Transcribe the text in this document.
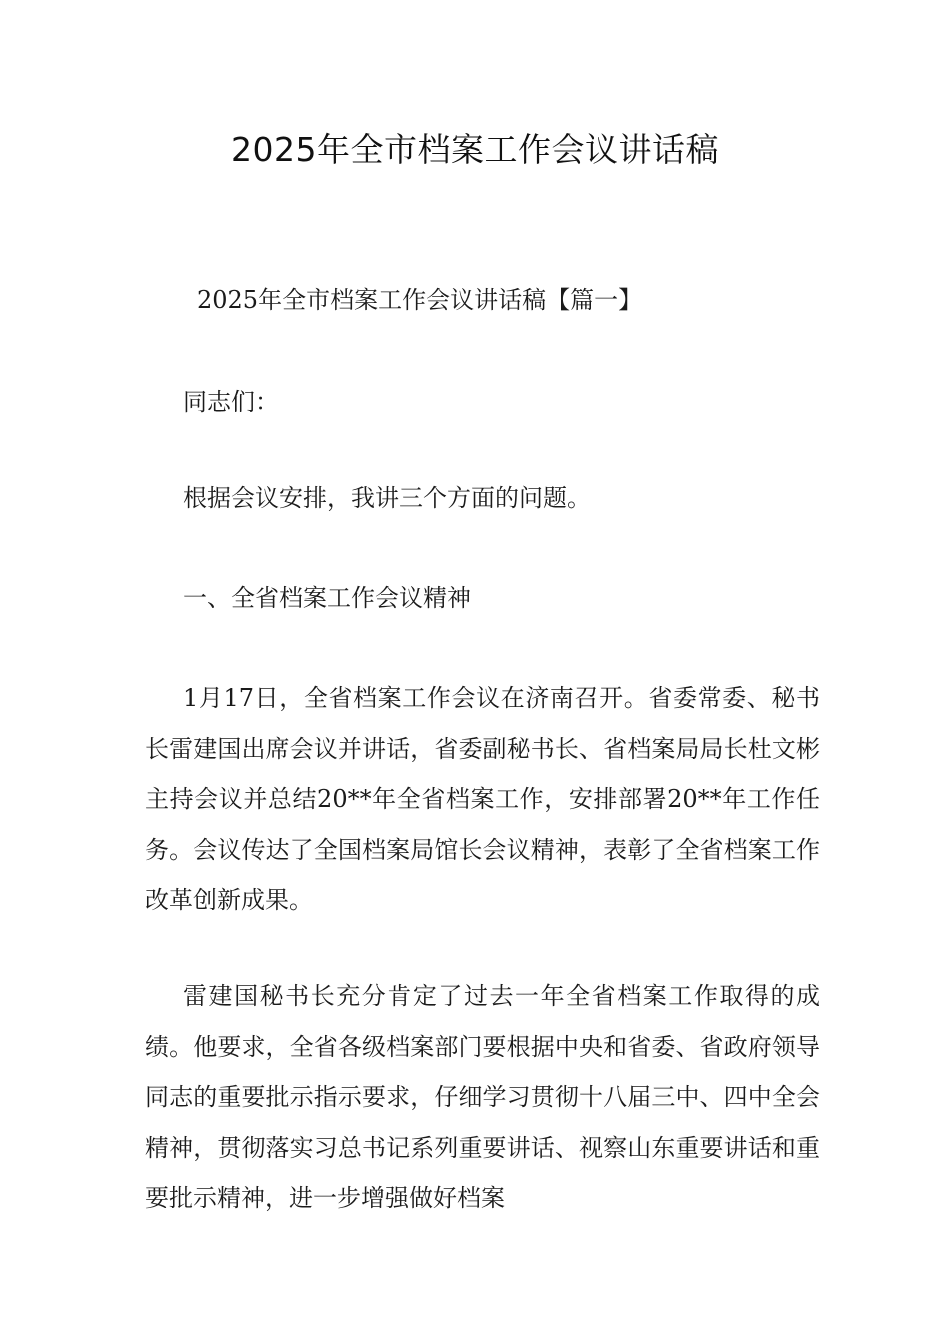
2025年全市档案工作会议讲话稿

2025年全市档案工作会议讲话稿【篇一】

同志们：

根据会议安排，我讲三个方面的问题。

一、全省档案工作会议精神

1月17日，全省档案工作会议在济南召开。省委常委、秘书长雷建国出席会议并讲话，省委副秘书长、省档案局局长杜文彬主持会议并总结20**年全省档案工作，安排部署20**年工作任务。会议传达了全国档案局馆长会议精神，表彰了全省档案工作改革创新成果。

雷建国秘书长充分肯定了过去一年全省档案工作取得的成绩。他要求，全省各级档案部门要根据中央和省委、省政府领导同志的重要批示指示要求，仔细学习贯彻十八届三中、四中全会精神，贯彻落实习总书记系列重要讲话、视察山东重要讲话和重要批示精神，进一步增强做好档案
